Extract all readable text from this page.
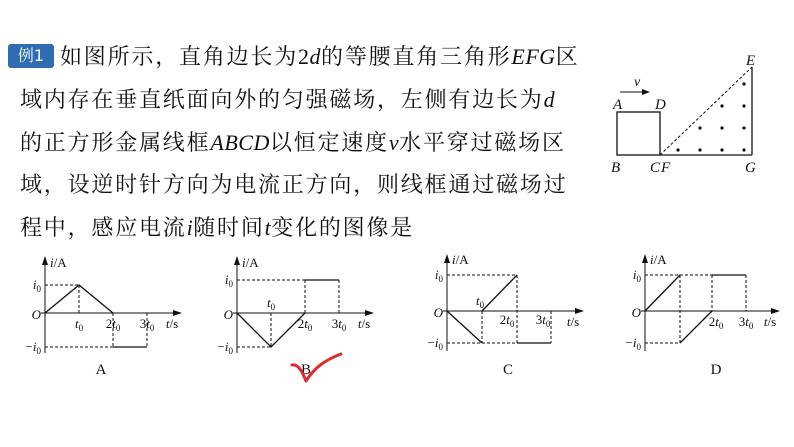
例1 如图所示，直角边长为2d的等腰直角三角形EFG区
域内存在垂直纸面向外的匀强磁场，左侧有边长为d
的正方形金属线框ABCD以恒定速度v水平穿过磁场区
域，设逆时针方向为电流正方向，则线框通过磁场过
程中，感应电流i随时间t变化的图像是
v
A D
B C F	G
E
i/A
$i_0$
O
$-i_0$
$t_0$ $2t_0$ $3t_0$ t/s
A
i/A
$i_0$
O
$-i_0$
$t_0$
$2t_0$ $3t_0$ t/s
B
i/A
$i_0$
O
$-i_0$
$t_0$
$2t_0$ $3t_0$ t/s
C
i/A
$i_0$
O
$-i_0$
$2t_0$ $3t_0$ t/s
D
